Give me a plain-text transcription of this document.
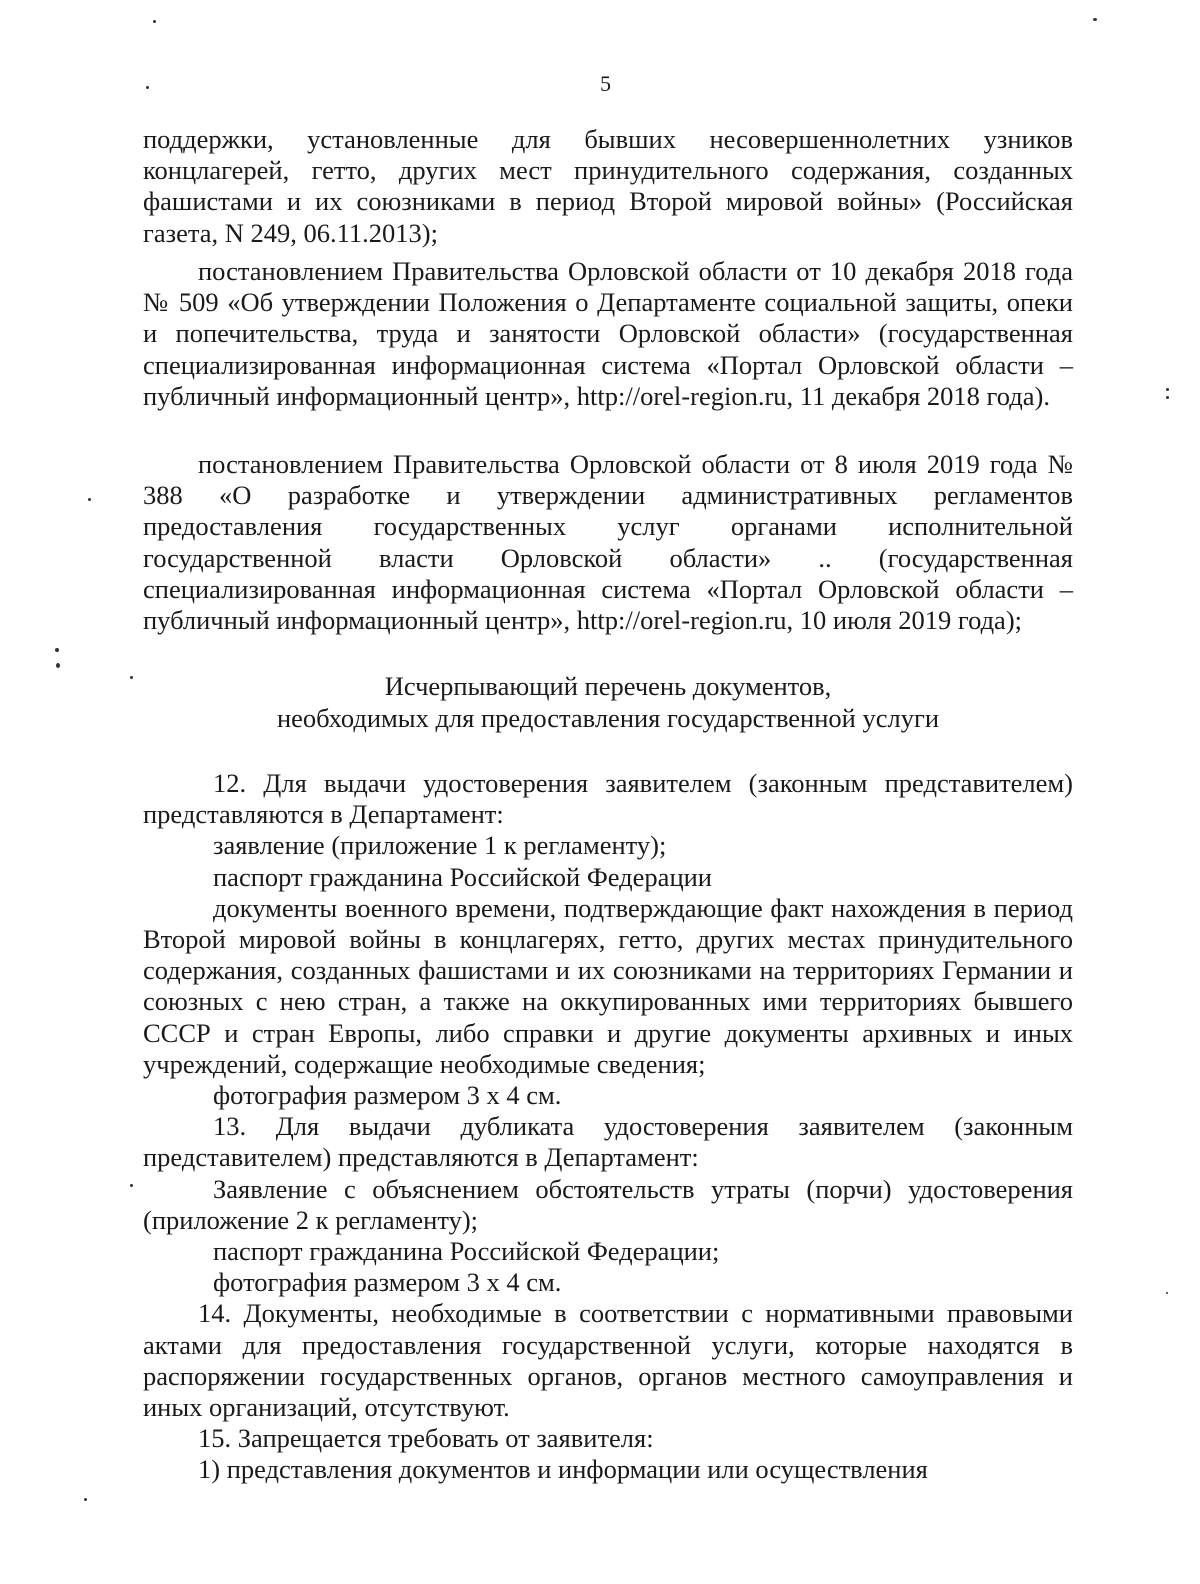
5

поддержки, установленные для бывших несовершеннолетних узников концлагерей, гетто, других мест принудительного содержания, созданных фашистами и их союзниками в период Второй мировой войны» (Российская газета, N 249, 06.11.2013);

постановлением Правительства Орловской области от 10 декабря 2018 года № 509 «Об утверждении Положения о Департаменте социальной защиты, опеки и попечительства, труда и занятости Орловской области» (государственная специализированная информационная система «Портал Орловской области – публичный информационный центр», http://orel-region.ru, 11 декабря 2018 года).

постановлением Правительства Орловской области от 8 июля 2019 года № 388 «О разработке и утверждении административных регламентов предоставления государственных услуг органами исполнительной государственной власти Орловской области» .. (государственная специализированная информационная система «Портал Орловской области – публичный информационный центр», http://orel-region.ru, 10 июля 2019 года);

Исчерпывающий перечень документов,
необходимых для предоставления государственной услуги

12. Для выдачи удостоверения заявителем (законным представителем) представляются в Департамент:

заявление (приложение 1 к регламенту);

паспорт гражданина Российской Федерации

документы военного времени, подтверждающие факт нахождения в период Второй мировой войны в концлагерях, гетто, других местах принудительного содержания, созданных фашистами и их союзниками на территориях Германии и союзных с нею стран, а также на оккупированных ими территориях бывшего СССР и стран Европы, либо справки и другие документы архивных и иных учреждений, содержащие необходимые сведения;

фотография размером 3 х 4 см.

13. Для выдачи дубликата удостоверения заявителем (законным представителем) представляются в Департамент:

Заявление с объяснением обстоятельств утраты (порчи) удостоверения (приложение 2 к регламенту);

паспорт гражданина Российской Федерации;

фотография размером 3 х 4 см.

14. Документы, необходимые в соответствии с нормативными правовыми актами для предоставления государственной услуги, которые находятся в распоряжении государственных органов, органов местного самоуправления и иных организаций, отсутствуют.

15. Запрещается требовать от заявителя:

1) представления документов и информации или осуществления
